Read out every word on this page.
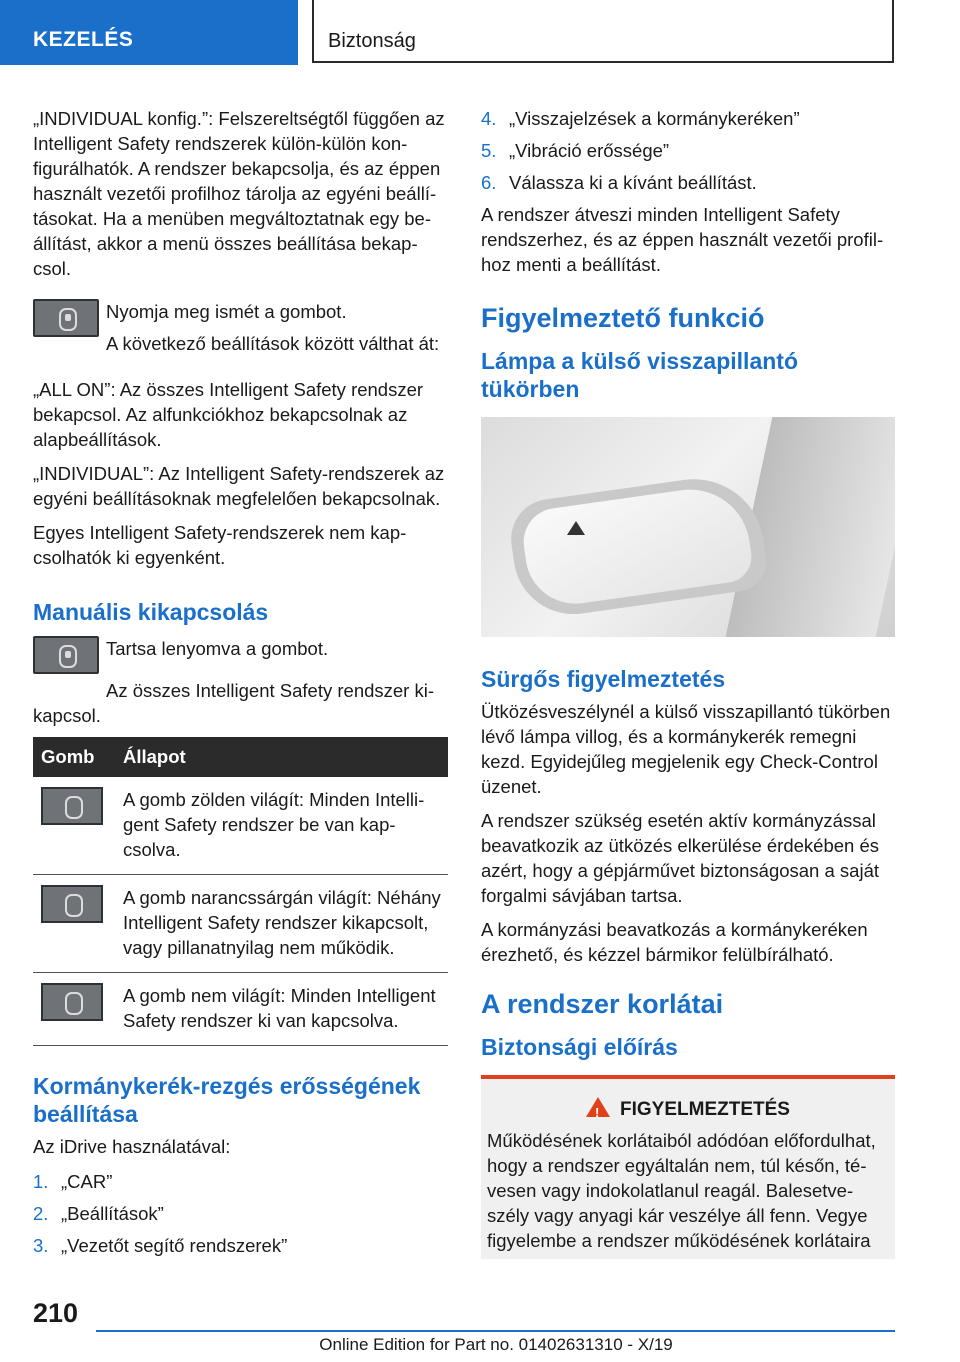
KEZELÉS	Biztonság

„INDIVIDUAL konfig.”: Felszereltségtől függően az Intelligent Safety rendszerek külön-külön konfigurálhatók. A rendszer bekapcsolja, és az éppen használt vezetői profilhoz tárolja az egyéni beállításokat. Ha a menüben megváltoztatnak egy beállítást, akkor a menü összes beállítása bekapcsol.

Nyomja meg ismét a gombot.

A következő beállítások között válthat át:

„ALL ON”: Az összes Intelligent Safety rendszer bekapcsol. Az alfunkciókhoz bekapcsolnak az alapbeállítások.

„INDIVIDUAL”: Az Intelligent Safety-rendszerek az egyéni beállításoknak megfelelően bekapcsolnak.

Egyes Intelligent Safety-rendszerek nem kapcsolhatók ki egyenként.

Manuális kikapcsolás

Tartsa lenyomva a gombot.

Az összes Intelligent Safety rendszer kikapcsol.

Gomb	Állapot

	A gomb zölden világít: Minden Intelligent Safety rendszer be van kapcsolva.

	A gomb narancssárgán világít: Néhány Intelligent Safety rendszer kikapcsolt, vagy pillanatnyilag nem működik.

	A gomb nem világít: Minden Intelligent Safety rendszer ki van kapcsolva.
Kormánykerék-rezgés erősségének beállítása

Az iDrive használatával:

1. „CAR”
2. „Beállítások”
3. „Vezetőt segítő rendszerek”
4. „Visszajelzések a kormánykeréken”
5. „Vibráció erőssége”
6. Válassza ki a kívánt beállítást.

A rendszer átveszi minden Intelligent Safety rendszerhez, és az éppen használt vezetői profilhoz menti a beállítást.

Figyelmeztető funkció
Lámpa a külső visszapillantó tükörben
Sürgős figyelmeztetés

Ütközésveszélynél a külső visszapillantó tükörben lévő lámpa villog, és a kormánykerék remegni kezd. Egyidejűleg megjelenik egy Check-Control üzenet.

A rendszer szükség esetén aktív kormányzással beavatkozik az ütközés elkerülése érdekében és azért, hogy a gépjárművet biztonságosan a saját forgalmi sávjában tartsa.

A kormányzási beavatkozás a kormánykeréken érezhető, és kézzel bármikor felülbírálható.

A rendszer korlátai
Biztonsági előírás
!FIGYELMEZTETÉS
Működésének korlátaiból adódóan előfordulhat, hogy a rendszer egyáltalán nem, túl későn, tévesen vagy indokolatlanul reagál. Balesetveszély vagy anyagi kár veszélye áll fenn. Vegye figyelembe a rendszer működésének korlátaira
210
Online Edition for Part no. 01402631310 - X/19
